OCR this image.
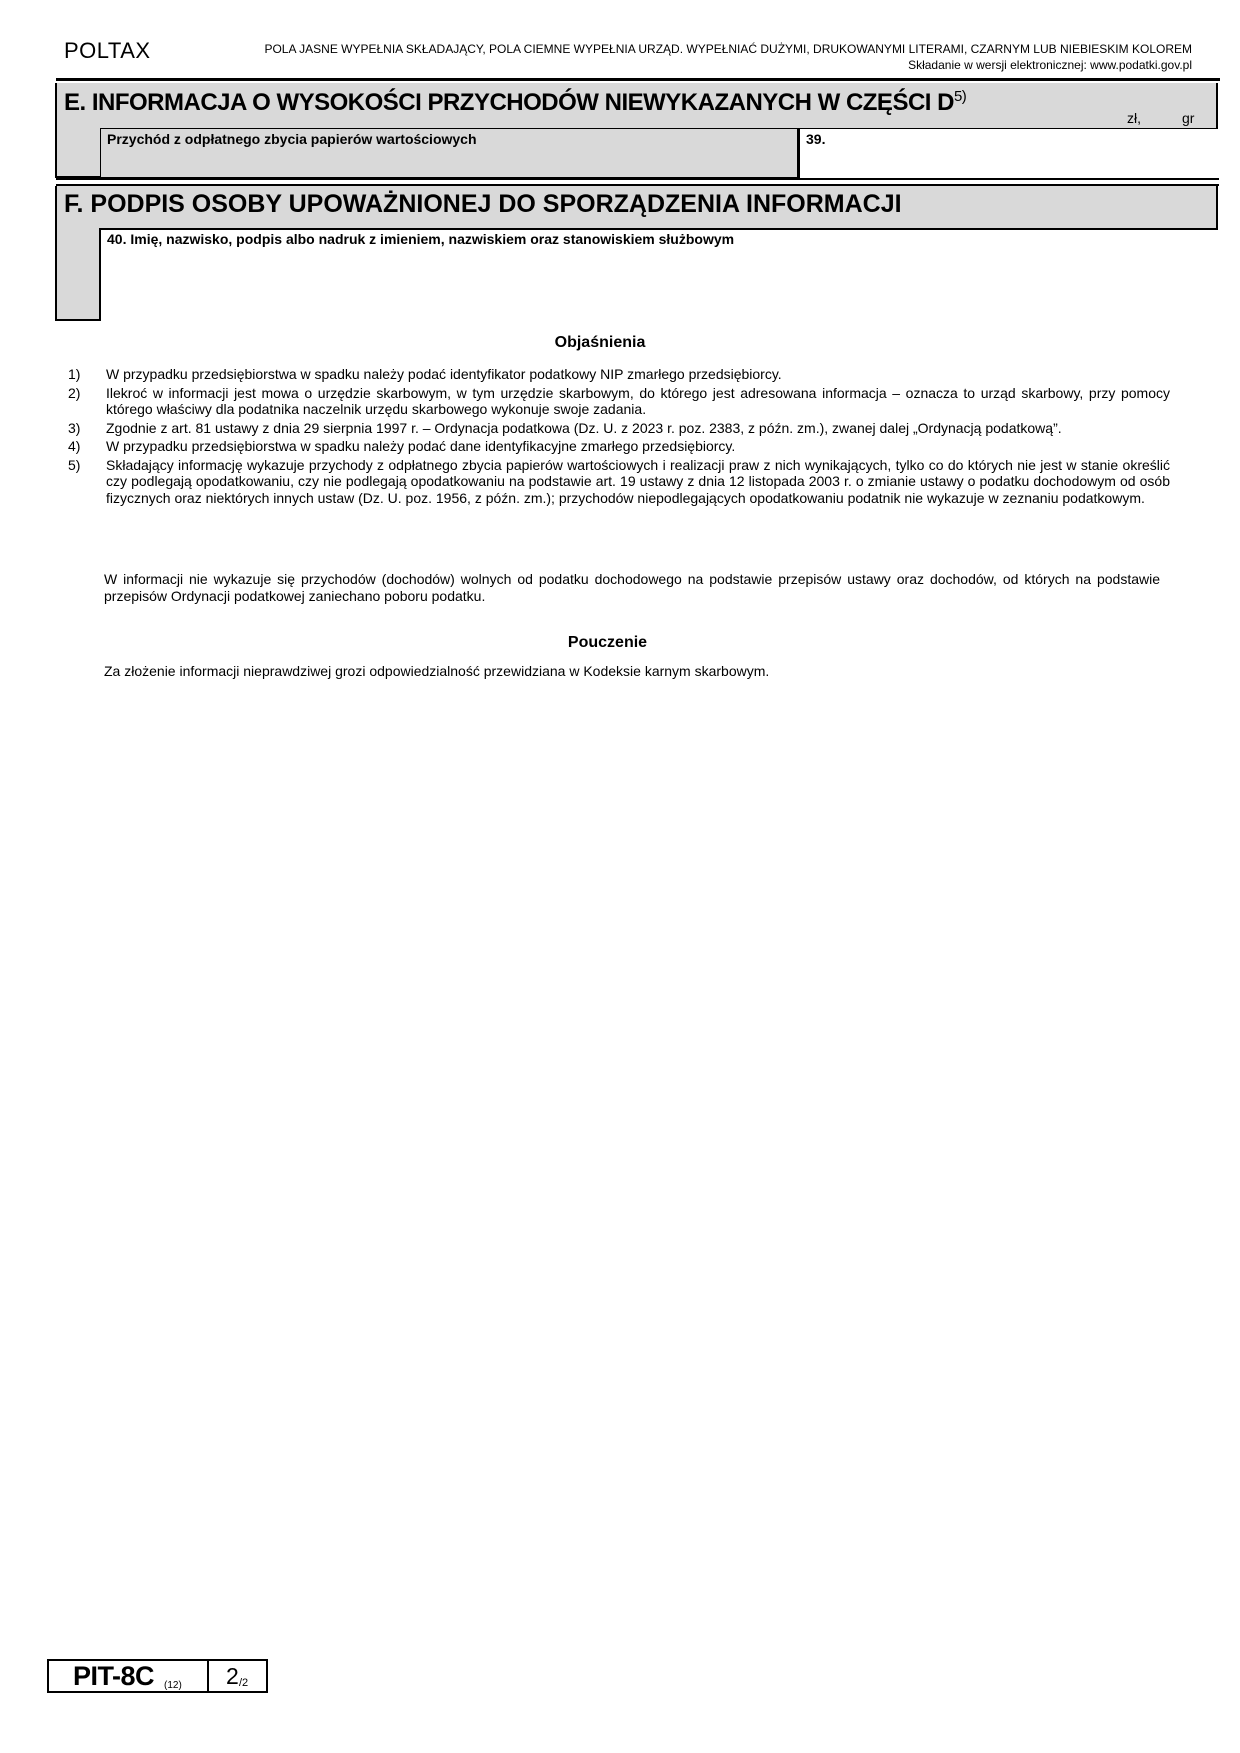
POLTAX	POLA JASNE WYPEŁNIA SKŁADAJĄCY, POLA CIEMNE WYPEŁNIA URZĄD. WYPEŁNIAĆ DUŻYMI, DRUKOWANYMI LITERAMI, CZARNYM LUB NIEBIESKIM KOLOREM
Składanie w wersji elektronicznej: www.podatki.gov.pl
E. INFORMACJA O WYSOKOŚCI PRZYCHODÓW NIEWYKAZANYCH W CZĘŚCI $D^{5)}$
zł,	gr
Przychód z odpłatnego zbycia papierów wartościowych	39.
F. PODPIS OSOBY UPOWAŻNIONEJ DO SPORZĄDZENIA INFORMACJI
40. Imię, nazwisko, podpis albo nadruk z imieniem, nazwiskiem oraz stanowiskiem służbowym
Objaśnienia
1)	W przypadku przedsiębiorstwa w spadku należy podać identyfikator podatkowy NIP zmarłego przedsiębiorcy.
2)	Ilekroć w informacji jest mowa o urzędzie skarbowym, w tym urzędzie skarbowym, do którego jest adresowana informacja – oznacza to urząd skarbowy, przy pomocy którego właściwy dla podatnika naczelnik urzędu skarbowego wykonuje swoje zadania.
3)	Zgodnie z art. 81 ustawy z dnia 29 sierpnia 1997 r. – Ordynacja podatkowa (Dz. U. z 2023 r. poz. 2383, z późn. zm.), zwanej dalej „Ordynacją podatkową”.
4)	W przypadku przedsiębiorstwa w spadku należy podać dane identyfikacyjne zmarłego przedsiębiorcy.
5)	Składający informację wykazuje przychody z odpłatnego zbycia papierów wartościowych i realizacji praw z nich wynikających, tylko co do których nie jest w stanie określić czy podlegają opodatkowaniu, czy nie podlegają opodatkowaniu na podstawie art. 19 ustawy z dnia 12 listopada 2003 r. o zmianie ustawy o podatku dochodowym od osób fizycznych oraz niektórych innych ustaw (Dz. U. poz. 1956, z późn. zm.); przychodów niepodlegających opodatkowaniu podatnik nie wykazuje w zeznaniu podatkowym.
W informacji nie wykazuje się przychodów (dochodów) wolnych od podatku dochodowego na podstawie przepisów ustawy oraz dochodów, od których na podstawie przepisów Ordynacji podatkowej zaniechano poboru podatku.
Pouczenie
Za złożenie informacji nieprawdziwej grozi odpowiedzialność przewidziana w Kodeksie karnym skarbowym.
PIT-8C (12) 2 /2
